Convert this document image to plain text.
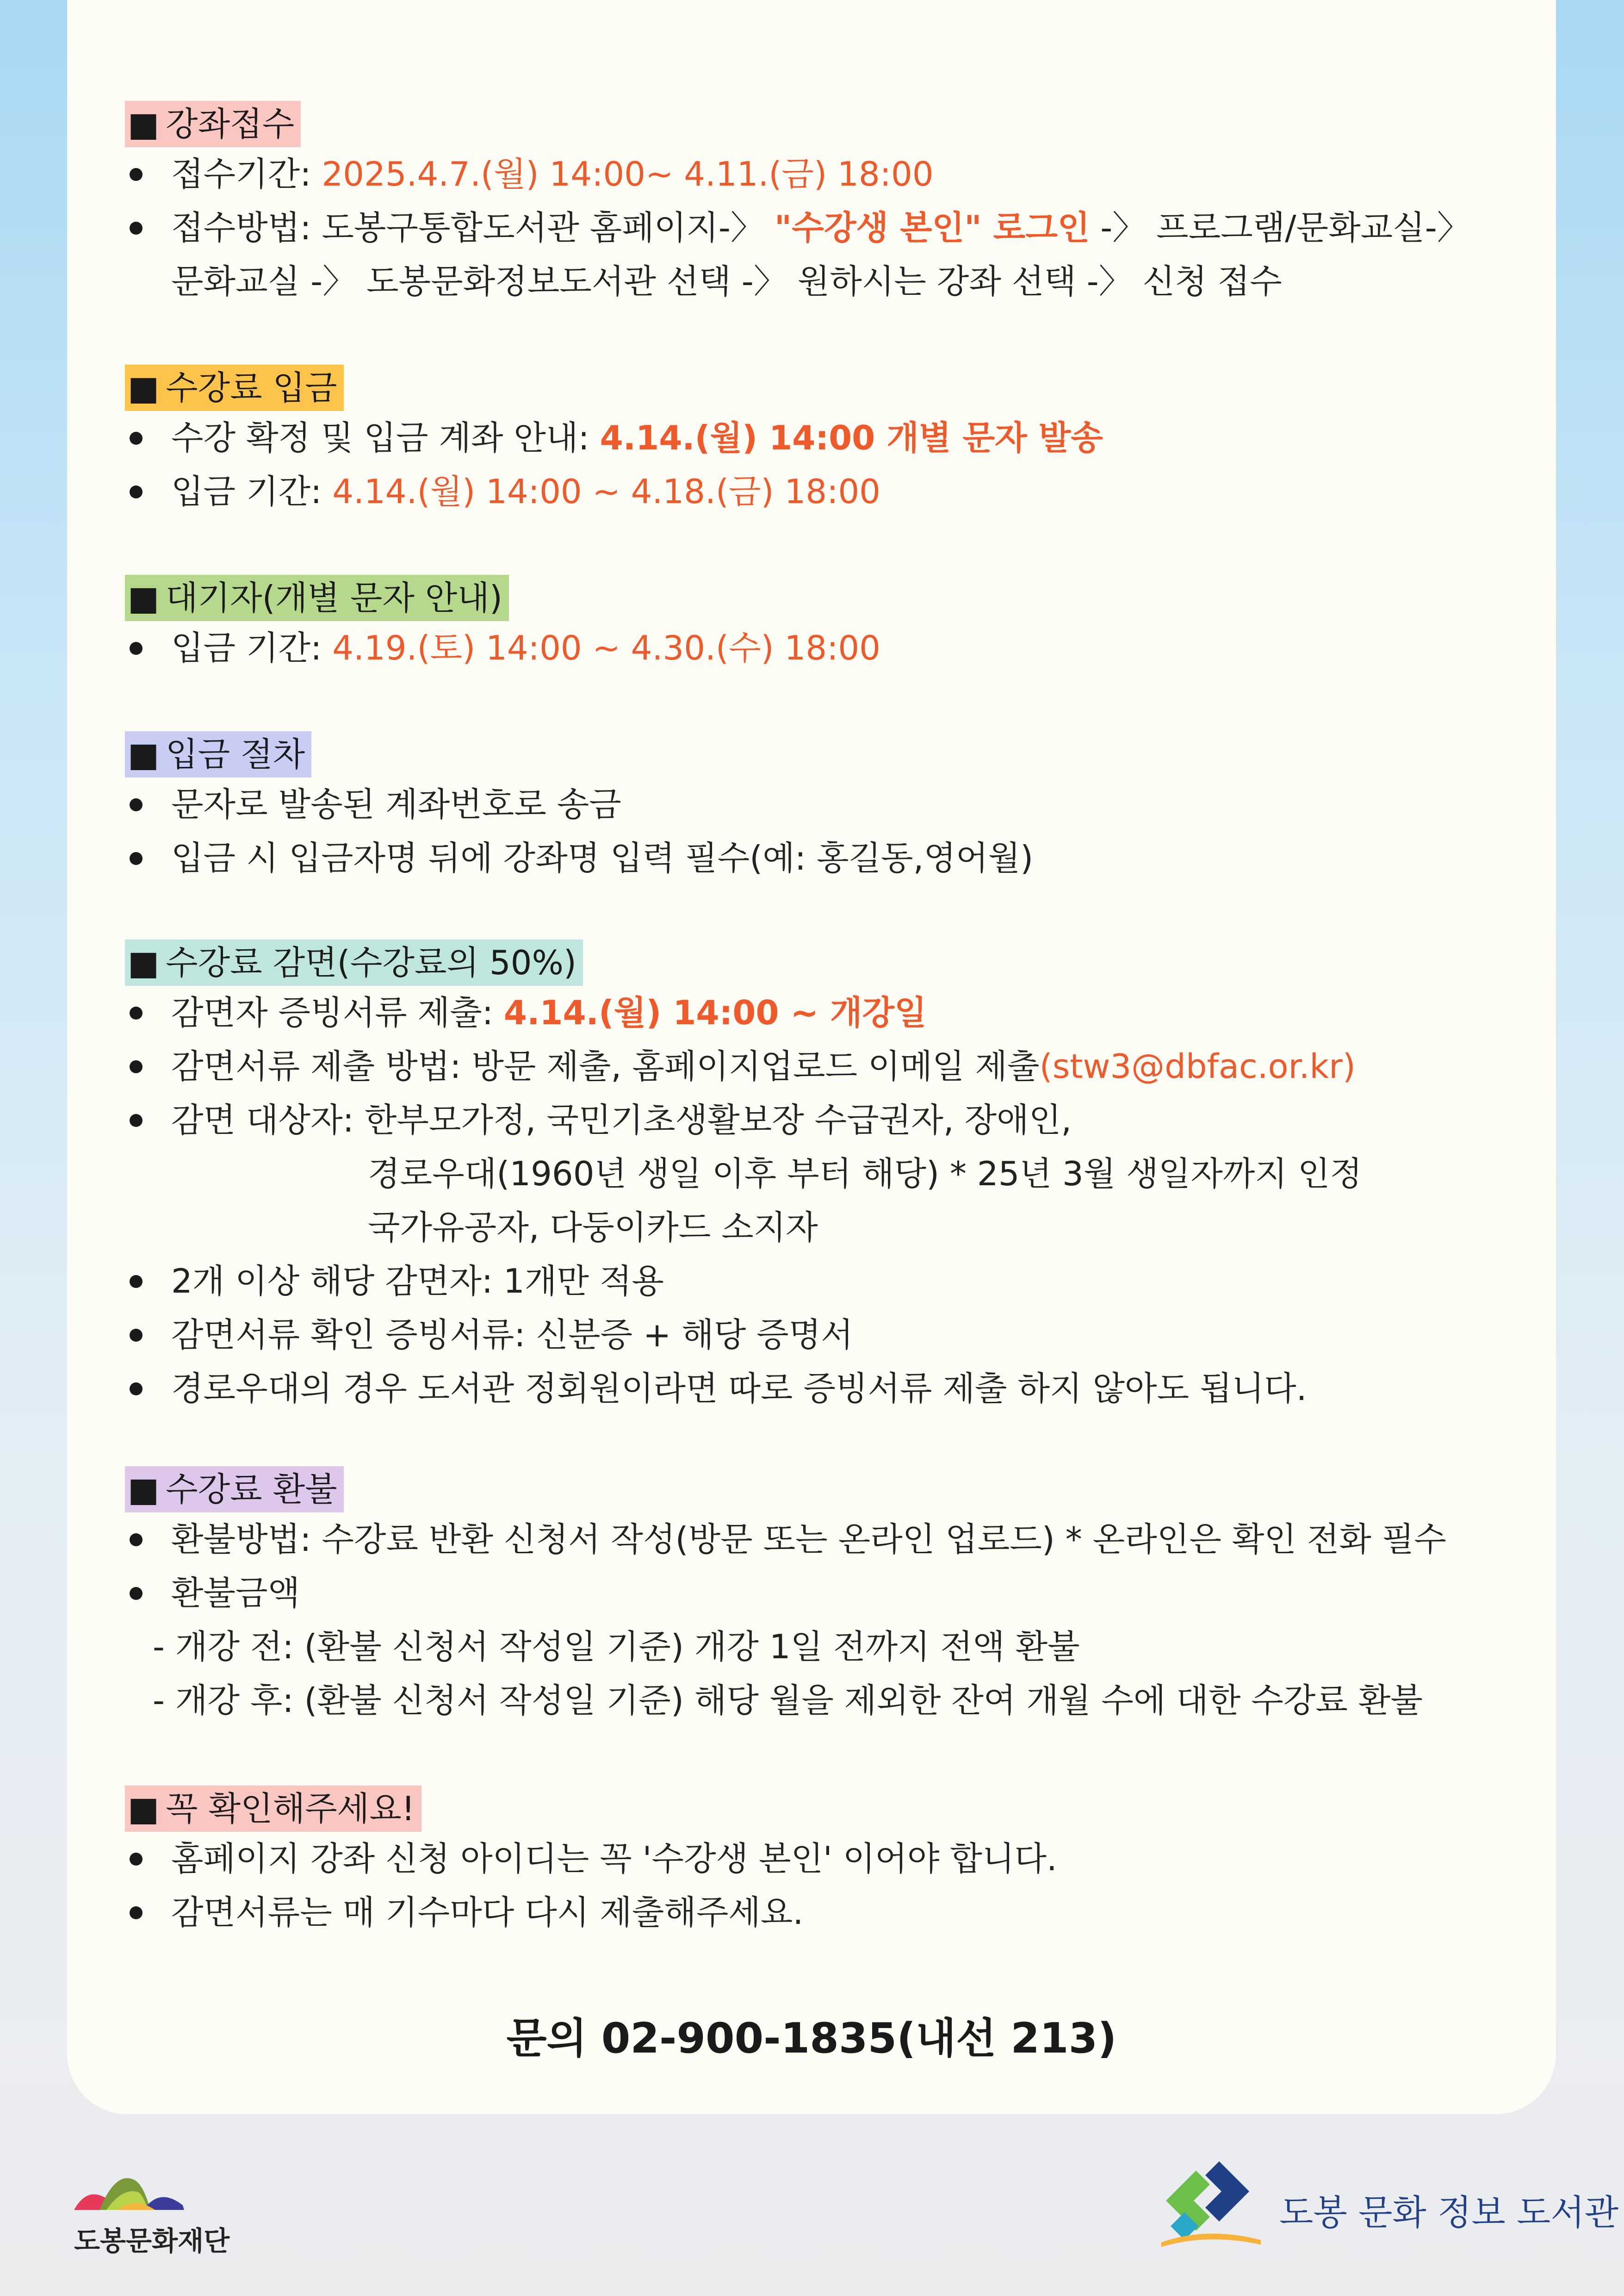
■ 강좌접수
접수기간: 2025.4.7.(월) 14:00~ 4.11.(금) 18:00
접수방법: 도봉구통합도서관 홈페이지-〉 "수강생 본인" 로그인 -〉 프로그램/문화교실-〉
문화교실 -〉 도봉문화정보도서관 선택 -〉 원하시는 강좌 선택 -〉 신청 접수
■ 수강료 입금
수강 확정 및 입금 계좌 안내: 4.14.(월) 14:00 개별 문자 발송
입금 기간: 4.14.(월) 14:00 ~ 4.18.(금) 18:00
■ 대기자(개별 문자 안내)
입금 기간: 4.19.(토) 14:00 ~ 4.30.(수) 18:00
■ 입금 절차
문자로 발송된 계좌번호로 송금
입금 시 입금자명 뒤에 강좌명 입력 필수(예: 홍길동,영어월)
■ 수강료 감면(수강료의 50%)
감면자 증빙서류 제출: 4.14.(월) 14:00 ~ 개강일
감면서류 제출 방법: 방문 제출, 홈페이지업로드 이메일 제출(stw3@dbfac.or.kr)
감면 대상자: 한부모가정, 국민기초생활보장 수급권자, 장애인,
경로우대(1960년 생일 이후 부터 해당) * 25년 3월 생일자까지 인정
국가유공자, 다둥이카드 소지자
2개 이상 해당 감면자: 1개만 적용
감면서류 확인 증빙서류: 신분증 + 해당 증명서
경로우대의 경우 도서관 정회원이라면 따로 증빙서류 제출 하지 않아도 됩니다.
■ 수강료 환불
환불방법: 수강료 반환 신청서 작성(방문 또는 온라인 업로드) * 온라인은 확인 전화 필수
환불금액
- 개강 전: (환불 신청서 작성일 기준) 개강 1일 전까지 전액 환불
- 개강 후: (환불 신청서 작성일 기준) 해당 월을 제외한 잔여 개월 수에 대한 수강료 환불
■ 꼭 확인해주세요!
홈페이지 강좌 신청 아이디는 꼭 '수강생 본인' 이어야 합니다.
감면서류는 매 기수마다 다시 제출해주세요.
문의 02-900-1835(내선 213)
도봉문화재단
도봉 문화 정보 도서관
